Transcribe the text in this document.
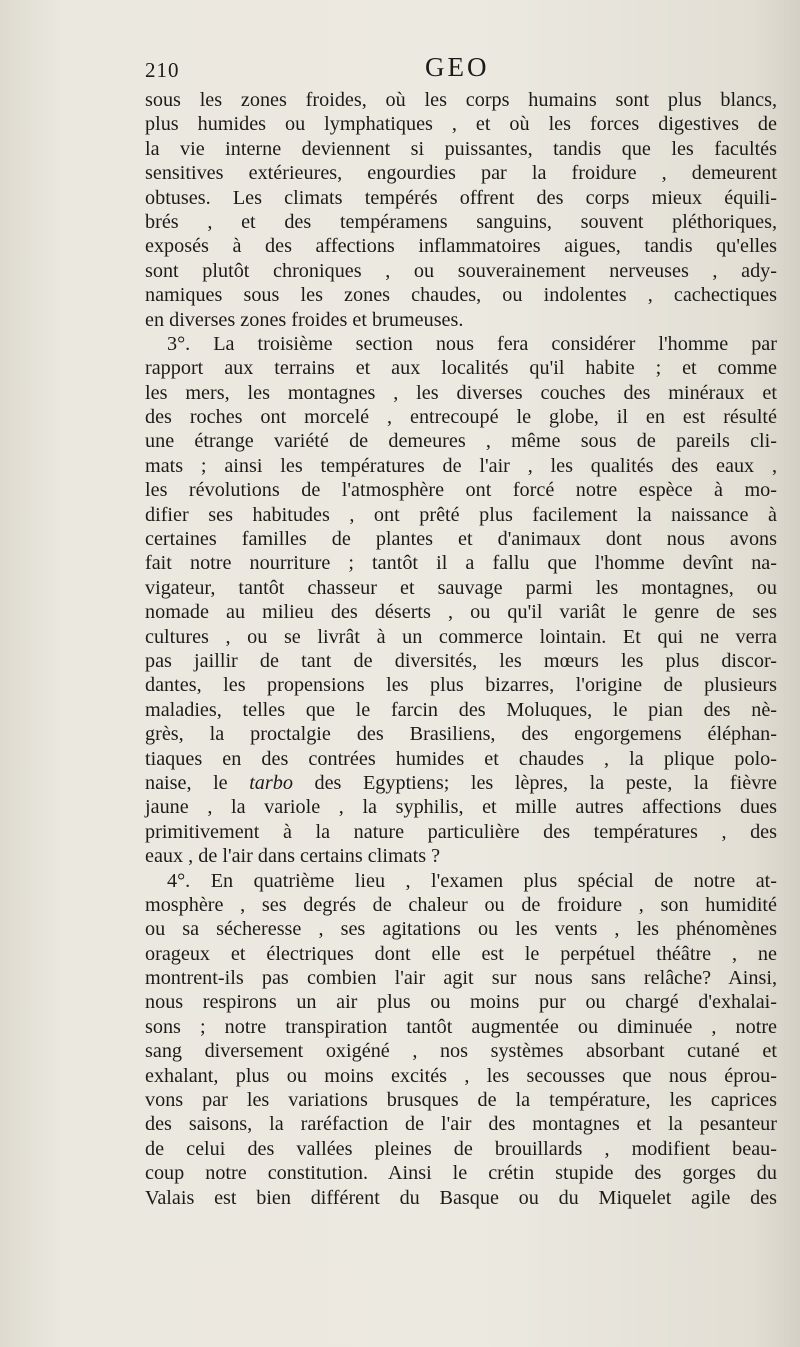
210	GEO
sous les zones froides, où les corps humains sont plus blancs,
plus humides ou lymphatiques , et où les forces digestives de
la vie interne deviennent si puissantes, tandis que les facultés
sensitives extérieures, engourdies par la froidure , demeurent
obtuses. Les climats tempérés offrent des corps mieux équili-
brés , et des tempéramens sanguins, souvent pléthoriques,
exposés à des affections inflammatoires aigues, tandis qu'elles
sont plutôt chroniques , ou souverainement nerveuses , ady-
namiques sous les zones chaudes, ou indolentes , cachectiques
en diverses zones froides et brumeuses.
3°. La troisième section nous fera considérer l'homme par
rapport aux terrains et aux localités qu'il habite ; et comme
les mers, les montagnes , les diverses couches des minéraux et
des roches ont morcelé , entrecoupé le globe, il en est résulté
une étrange variété de demeures , même sous de pareils cli-
mats ; ainsi les températures de l'air , les qualités des eaux ,
les révolutions de l'atmosphère ont forcé notre espèce à mo-
difier ses habitudes , ont prêté plus facilement la naissance à
certaines familles de plantes et d'animaux dont nous avons
fait notre nourriture ; tantôt il a fallu que l'homme devînt na-
vigateur, tantôt chasseur et sauvage parmi les montagnes, ou
nomade au milieu des déserts , ou qu'il variât le genre de ses
cultures , ou se livrât à un commerce lointain. Et qui ne verra
pas jaillir de tant de diversités, les mœurs les plus discor-
dantes, les propensions les plus bizarres, l'origine de plusieurs
maladies, telles que le farcin des Moluques, le pian des nè-
grès, la proctalgie des Brasiliens, des engorgemens éléphan-
tiaques en des contrées humides et chaudes , la plique polo-
naise, le tarbo des Egyptiens; les lèpres, la peste, la fièvre
jaune , la variole , la syphilis, et mille autres affections dues
primitivement à la nature particulière des températures , des
eaux , de l'air dans certains climats ?
4°. En quatrième lieu , l'examen plus spécial de notre at-
mosphère , ses degrés de chaleur ou de froidure , son humidité
ou sa sécheresse , ses agitations ou les vents , les phénomènes
orageux et électriques dont elle est le perpétuel théâtre , ne
montrent-ils pas combien l'air agit sur nous sans relâche? Ainsi,
nous respirons un air plus ou moins pur ou chargé d'exhalai-
sons ; notre transpiration tantôt augmentée ou diminuée , notre
sang diversement oxigéné , nos systèmes absorbant cutané et
exhalant, plus ou moins excités , les secousses que nous éprou-
vons par les variations brusques de la température, les caprices
des saisons, la raréfaction de l'air des montagnes et la pesanteur
de celui des vallées pleines de brouillards , modifient beau-
coup notre constitution. Ainsi le crétin stupide des gorges du
Valais est bien différent du Basque ou du Miquelet agile des
